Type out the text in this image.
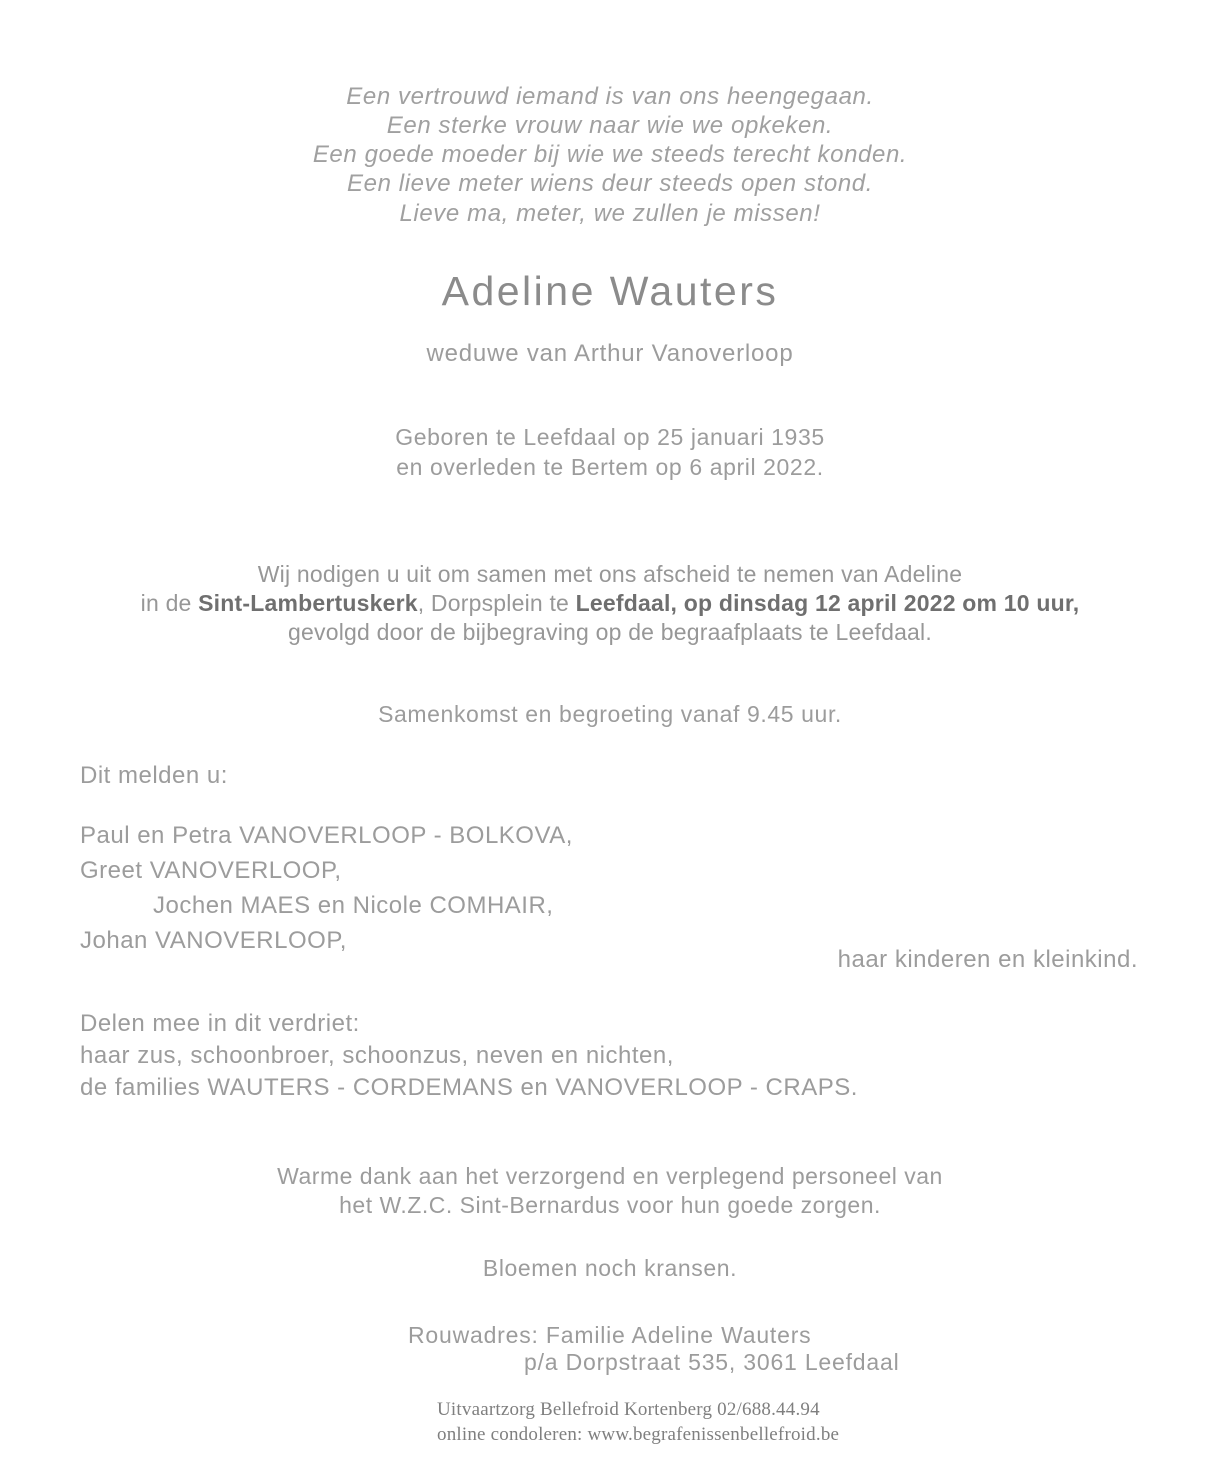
Een vertrouwd iemand is van ons heengegaan.
Een sterke vrouw naar wie we opkeken.
Een goede moeder bij wie we steeds terecht konden.
Een lieve meter wiens deur steeds open stond.
Lieve ma, meter, we zullen je missen!
Adeline Wauters
weduwe van Arthur Vanoverloop
Geboren te Leefdaal op 25 januari 1935
en overleden te Bertem op 6 april 2022.
Wij nodigen u uit om samen met ons afscheid te nemen van Adeline
in de Sint-Lambertuskerk, Dorpsplein te Leefdaal, op dinsdag 12 april 2022 om 10 uur,
gevolgd door de bijbegraving op de begraafplaats te Leefdaal.
Samenkomst en begroeting vanaf 9.45 uur.
Dit melden u:
Paul en Petra VANOVERLOOP - BOLKOVA,
Greet VANOVERLOOP,
Jochen MAES en Nicole COMHAIR,
Johan VANOVERLOOP,
haar kinderen en kleinkind.
Delen mee in dit verdriet:
haar zus, schoonbroer, schoonzus, neven en nichten,
de families WAUTERS - CORDEMANS en VANOVERLOOP - CRAPS.
Warme dank aan het verzorgend en verplegend personeel van
het W.Z.C. Sint-Bernardus voor hun goede zorgen.
Bloemen noch kransen.
Rouwadres: Familie Adeline Wauters
p/a Dorpstraat 535, 3061 Leefdaal
Uitvaartzorg Bellefroid Kortenberg 02/688.44.94
online condoleren: www.begrafenissenbellefroid.be
